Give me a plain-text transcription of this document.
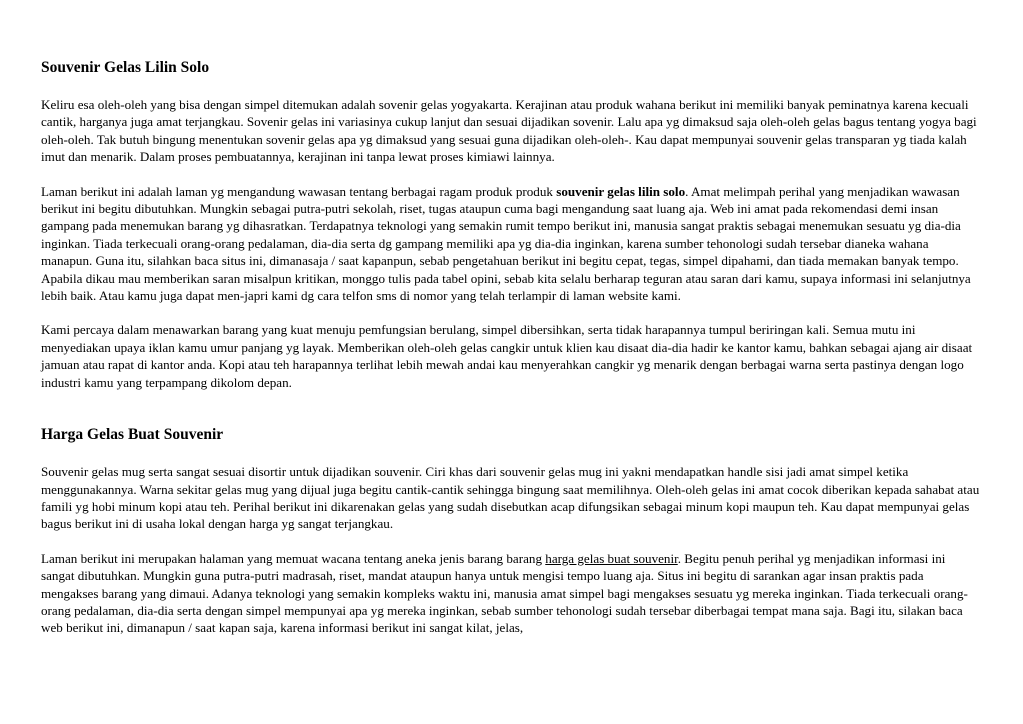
Souvenir Gelas Lilin Solo

Keliru esa oleh-oleh yang bisa dengan simpel ditemukan adalah sovenir gelas yogyakarta. Kerajinan atau produk wahana berikut ini memiliki banyak peminatnya karena kecuali cantik, harganya juga amat terjangkau. Sovenir gelas ini variasinya cukup lanjut dan sesuai dijadikan sovenir. Lalu apa yg dimaksud saja oleh-oleh gelas bagus tentang yogya bagi oleh-oleh. Tak butuh bingung menentukan sovenir gelas apa yg dimaksud yang sesuai guna dijadikan oleh-oleh-. Kau dapat mempunyai souvenir gelas transparan yg tiada kalah imut dan menarik. Dalam proses pembuatannya, kerajinan ini tanpa lewat proses kimiawi lainnya.

Laman berikut ini adalah laman yg mengandung wawasan tentang berbagai ragam produk produk souvenir gelas lilin solo. Amat melimpah perihal yang menjadikan wawasan berikut ini begitu dibutuhkan. Mungkin sebagai putra-putri sekolah, riset, tugas ataupun cuma bagi mengandung saat luang aja. Web ini amat pada rekomendasi demi insan gampang pada menemukan barang yg dihasratkan. Terdapatnya teknologi yang semakin rumit tempo berikut ini, manusia sangat praktis sebagai menemukan sesuatu yg dia-dia inginkan. Tiada terkecuali orang-orang pedalaman, dia-dia serta dg gampang memiliki apa yg dia-dia inginkan, karena sumber tehonologi sudah tersebar dianeka wahana manapun. Guna itu, silahkan baca situs ini, dimanasaja / saat kapanpun, sebab pengetahuan berikut ini begitu cepat, tegas, simpel dipahami, dan tiada memakan banyak tempo. Apabila dikau mau memberikan saran misalpun kritikan, monggo tulis pada tabel opini, sebab kita selalu berharap teguran atau saran dari kamu, supaya informasi ini selanjutnya lebih baik. Atau kamu juga dapat men-japri kami dg cara telfon sms di nomor yang telah terlampir di laman website kami.

Kami percaya dalam menawarkan barang yang kuat menuju pemfungsian berulang, simpel dibersihkan, serta tidak harapannya tumpul beriringan kali. Semua mutu ini menyediakan upaya iklan kamu umur panjang yg layak. Memberikan oleh-oleh gelas cangkir untuk klien kau disaat dia-dia hadir ke kantor kamu, bahkan sebagai ajang air disaat jamuan atau rapat di kantor anda. Kopi atau teh harapannya terlihat lebih mewah andai kau menyerahkan cangkir yg menarik dengan berbagai warna serta pastinya dengan logo industri kamu yang terpampang dikolom depan.

Harga Gelas Buat Souvenir

Souvenir gelas mug serta sangat sesuai disortir untuk dijadikan souvenir. Ciri khas dari souvenir gelas mug ini yakni mendapatkan handle sisi jadi amat simpel ketika menggunakannya. Warna sekitar gelas mug yang dijual juga begitu cantik-cantik sehingga bingung saat memilihnya. Oleh-oleh gelas ini amat cocok diberikan kepada sahabat atau famili yg hobi minum kopi atau teh. Perihal berikut ini dikarenakan gelas yang sudah disebutkan acap difungsikan sebagai minum kopi maupun teh. Kau dapat mempunyai gelas bagus berikut ini di usaha lokal dengan harga yg sangat terjangkau.

Laman berikut ini merupakan halaman yang memuat wacana tentang aneka jenis barang barang harga gelas buat souvenir. Begitu penuh perihal yg menjadikan informasi ini sangat dibutuhkan. Mungkin guna putra-putri madrasah, riset, mandat ataupun hanya untuk mengisi tempo luang aja. Situs ini begitu di sarankan agar insan praktis pada mengakses barang yang dimaui. Adanya teknologi yang semakin kompleks waktu ini, manusia amat simpel bagi mengakses sesuatu yg mereka inginkan. Tiada terkecuali orang-orang pedalaman, dia-dia serta dengan simpel mempunyai apa yg mereka inginkan, sebab sumber tehonologi sudah tersebar diberbagai tempat mana saja. Bagi itu, silakan baca web berikut ini, dimanapun / saat kapan saja, karena informasi berikut ini sangat kilat, jelas,
